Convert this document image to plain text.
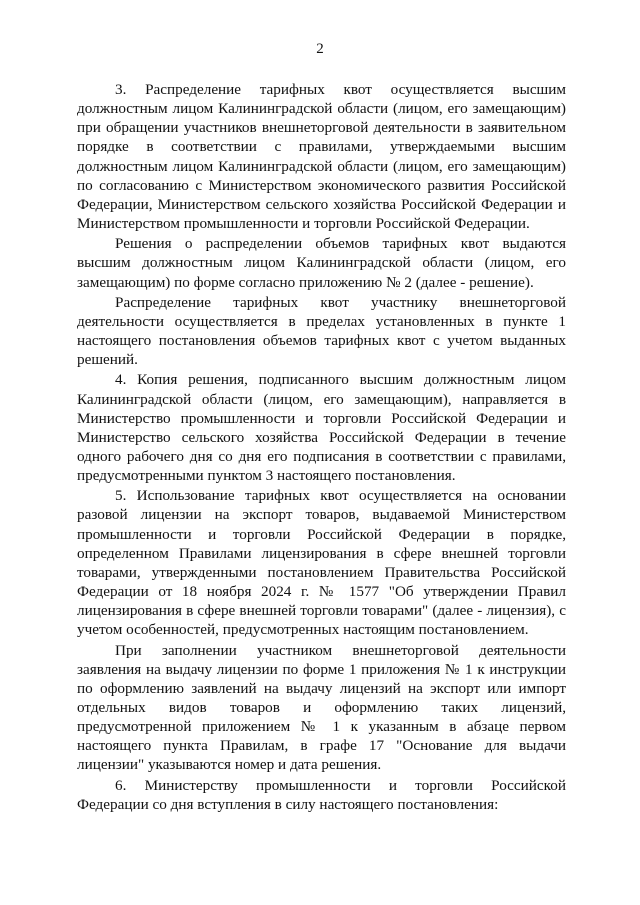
2

3. Распределение тарифных квот осуществляется высшим должностным лицом Калининградской области (лицом, его замещающим) при обращении участников внешнеторговой деятельности в заявительном порядке в соответствии с правилами, утверждаемыми высшим должностным лицом Калининградской области (лицом, его замещающим) по согласованию с Министерством экономического развития Российской Федерации, Министерством сельского хозяйства Российской Федерации и Министерством промышленности и торговли Российской Федерации.

Решения о распределении объемов тарифных квот выдаются высшим должностным лицом Калининградской области (лицом, его замещающим) по форме согласно приложению № 2 (далее - решение).

Распределение тарифных квот участнику внешнеторговой деятельности осуществляется в пределах установленных в пункте 1 настоящего постановления объемов тарифных квот с учетом выданных решений.

4. Копия решения, подписанного высшим должностным лицом Калининградской области (лицом, его замещающим), направляется в Министерство промышленности и торговли Российской Федерации и Министерство сельского хозяйства Российской Федерации в течение одного рабочего дня со дня его подписания в соответствии с правилами, предусмотренными пунктом 3 настоящего постановления.

5. Использование тарифных квот осуществляется на основании разовой лицензии на экспорт товаров, выдаваемой Министерством промышленности и торговли Российской Федерации в порядке, определенном Правилами лицензирования в сфере внешней торговли товарами, утвержденными постановлением Правительства Российской Федерации от 18 ноября 2024 г. № 1577 "Об утверждении Правил лицензирования в сфере внешней торговли товарами" (далее - лицензия), с учетом особенностей, предусмотренных настоящим постановлением.

При заполнении участником внешнеторговой деятельности заявления на выдачу лицензии по форме 1 приложения № 1 к инструкции по оформлению заявлений на выдачу лицензий на экспорт или импорт отдельных видов товаров и оформлению таких лицензий, предусмотренной приложением № 1 к указанным в абзаце первом настоящего пункта Правилам, в графе 17 "Основание для выдачи лицензии" указываются номер и дата решения.

6. Министерству промышленности и торговли Российской Федерации со дня вступления в силу настоящего постановления:
